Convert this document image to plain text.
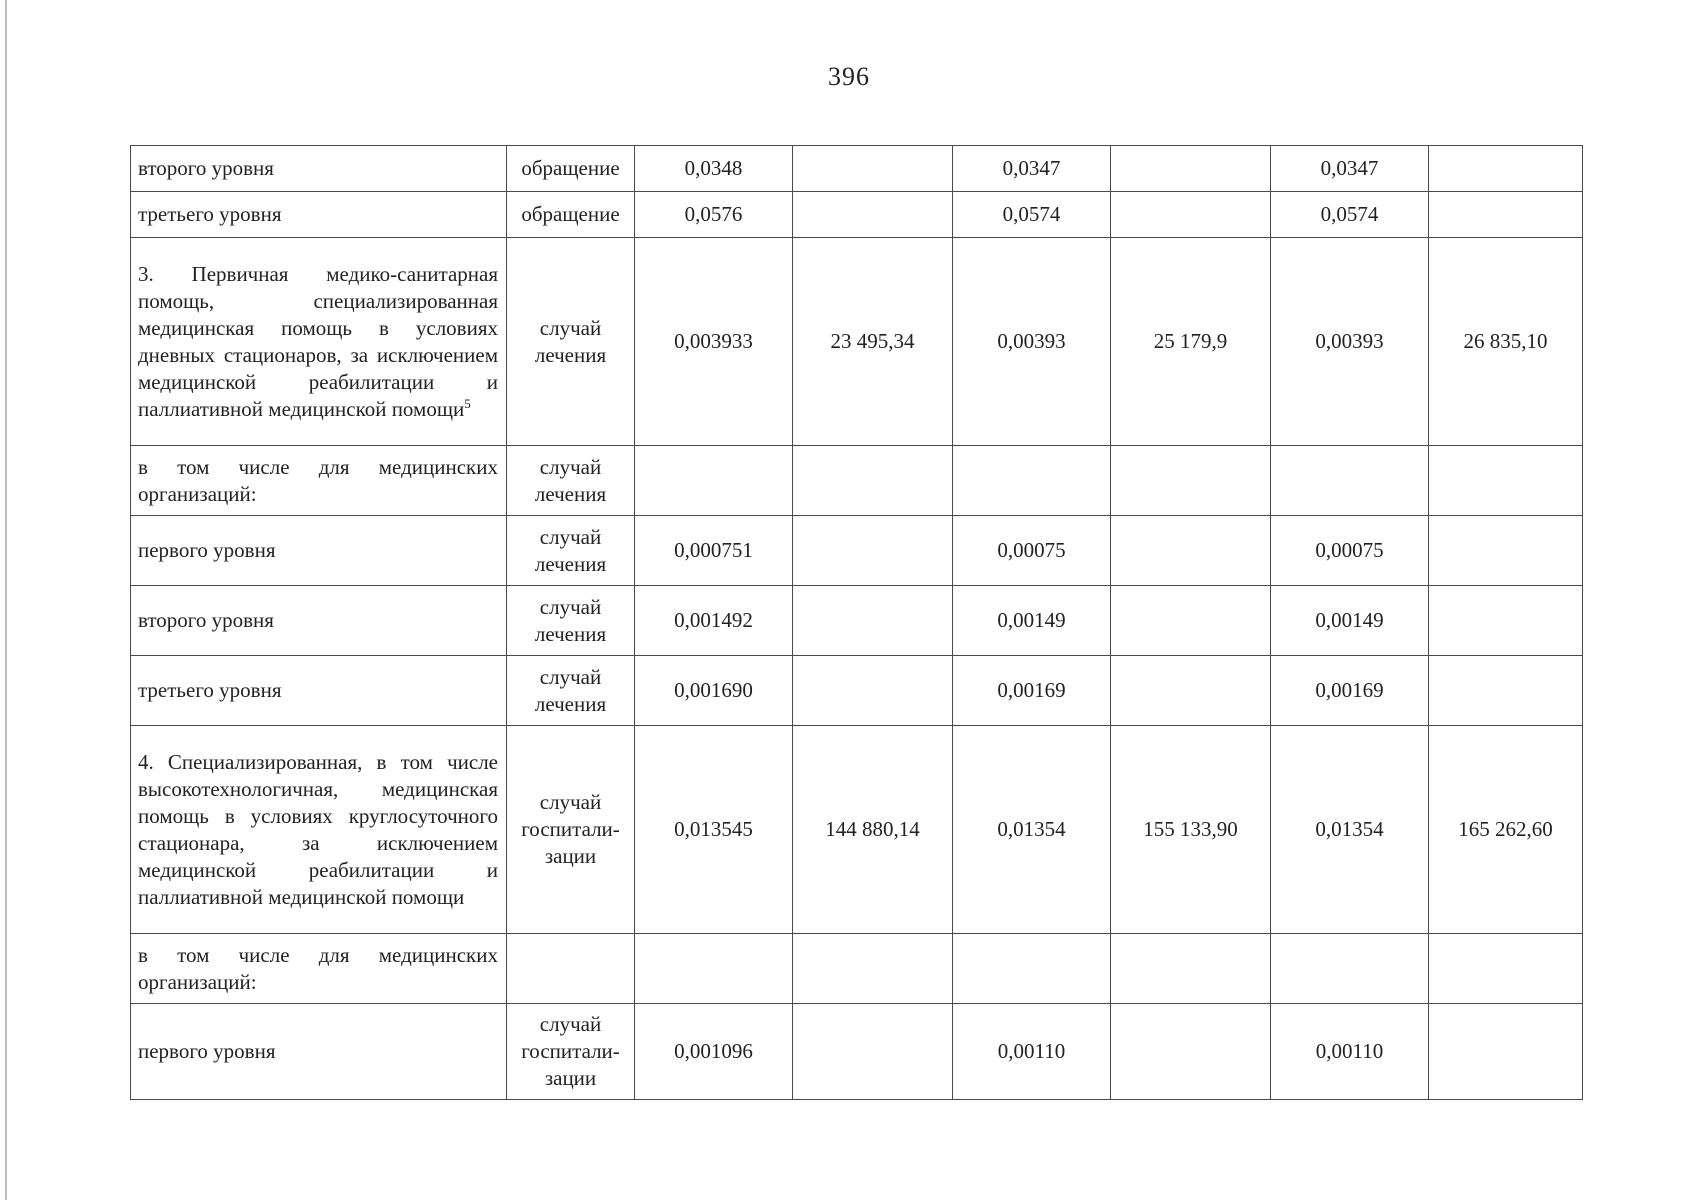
396
второго уровня	обращение	0,0348		0,0347		0,0347	
третьего уровня	обращение	0,0576		0,0574		0,0574	
3. Первичная медико-санитарная помощь, специализированная медицинская помощь в условиях дневных стационаров, за исключением медицинской реабилитации и паллиативной медицинской помощи$^5$	случай лечения	0,003933	23 495,34	0,00393	25 179,9	0,00393	26 835,10
в том числе для медицинских организаций:	случай лечения						
первого уровня	случай лечения	0,000751		0,00075		0,00075	
второго уровня	случай лечения	0,001492		0,00149		0,00149	
третьего уровня	случай лечения	0,001690		0,00169		0,00169	
4. Специализированная, в том числе высокотехнологичная, медицинская помощь в условиях круглосуточного стационара, за исключением медицинской реабилитации и паллиативной медицинской помощи	случай госпитали-зации	0,013545	144 880,14	0,01354	155 133,90	0,01354	165 262,60
в том числе для медицинских организаций:							
первого уровня	случай госпитали-зации	0,001096		0,00110		0,00110	
